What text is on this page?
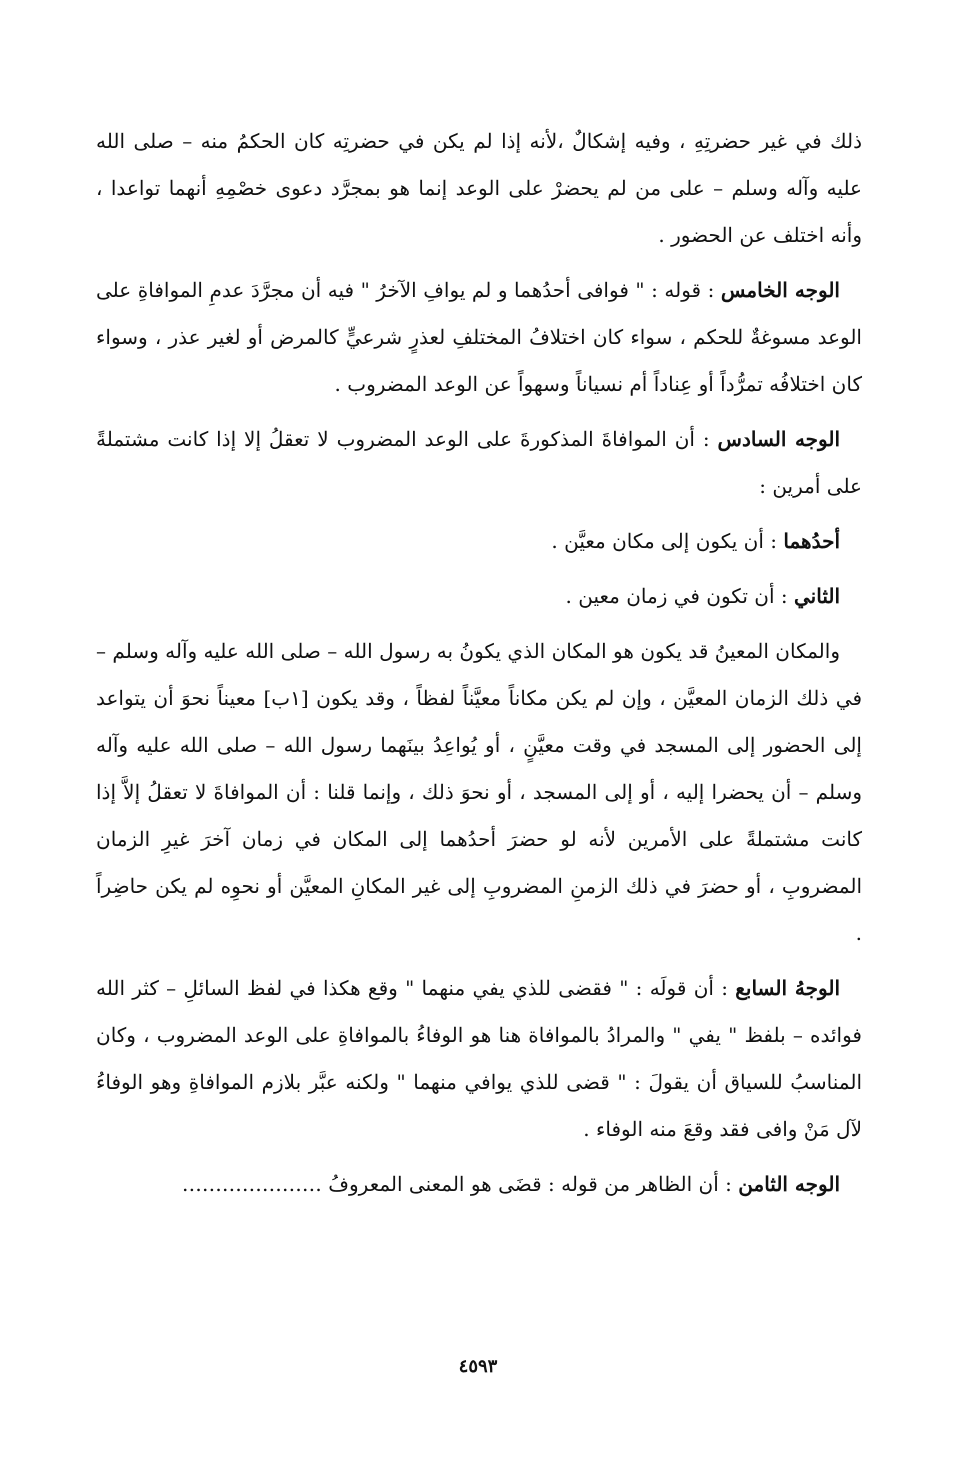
ذلك في غير حضرتِهِ ، وفيه إشكالٌ ،لأنه إذا لم يكن في حضرتِه كان الحكمُ منه – صلى الله عليه وآله وسلم – على من لم يحضرْ على الوعد إنما هو بمجرَّد دعوى خصْمِهِ أنهما تواعدا ، وأنه اختلف عن الحضور .

الوجه الخامس : قوله : " فوافى أحدُهما و لم يوافِ الآخرُ " فيه أن مجرَّدَ عدمِ الموافاةِ على الوعد مسوغةٌ للحكم ، سواء كان اختلافُ المختلفِ لعذرٍ شرعيٍّ كالمرض أو لغير عذر ، وسواء كان اختلافُه تمرُّداً أو عِناداً أم نسياناً وسهواً عن الوعد المضروب .

الوجه السادس : أن الموافاةَ المذكورةَ على الوعد المضروب لا تعقلُ إلا إذا كانت مشتملةً على أمرين :

أحدُهما : أن يكون إلى مكان معيَّن .

الثاني : أن تكون في زمان معين .

والمكان المعينُ قد يكون هو المكان الذي يكونُ به رسول الله – صلى الله عليه وآله وسلم – في ذلك الزمان المعيَّن ، وإن لم يكن مكاناً معيَّناً لفظاً ، وقد يكون [١ب] معيناً نحوَ أن يتواعد إلى الحضور إلى المسجد في وقت معيَّنٍ ، أو يُواعِدُ بينَهما رسول الله – صلى الله عليه وآله وسلم – أن يحضرا إليه ، أو إلى المسجد ، أو نحوَ ذلك ، وإنما قلنا : أن الموافاةَ لا تعقلُ إلاَّ إذا كانت مشتملةً على الأمرين لأنه لو حضرَ أحدُهما إلى المكان في زمان آخرَ غيرِ الزمان المضروبِ ، أو حضرَ في ذلك الزمنِ المضروبِ إلى غير المكانِ المعيَّن أو نحوِه لم يكن حاضِراً .

الوجهُ السابع : أن قولَه : " فقضى للذي يفي منهما " وقع هكذا في لفظ السائلِ – كثر الله فوائده – بلفظ " يفي " والمرادُ بالموافاة هنا هو الوفاءُ بالموافاةِ على الوعد المضروب ، وكان المناسبُ للسياق أن يقولَ : " قضى للذي يوافي منهما " ولكنه عبَّر بلازم الموافاةِ وهو الوفاءُ لآل مَنْ وافى فقد وقعَ منه الوفاء .

الوجه الثامن : أن الظاهر من قوله : قضَى هو المعنى المعروفُ …………………

٤٥٩٣
